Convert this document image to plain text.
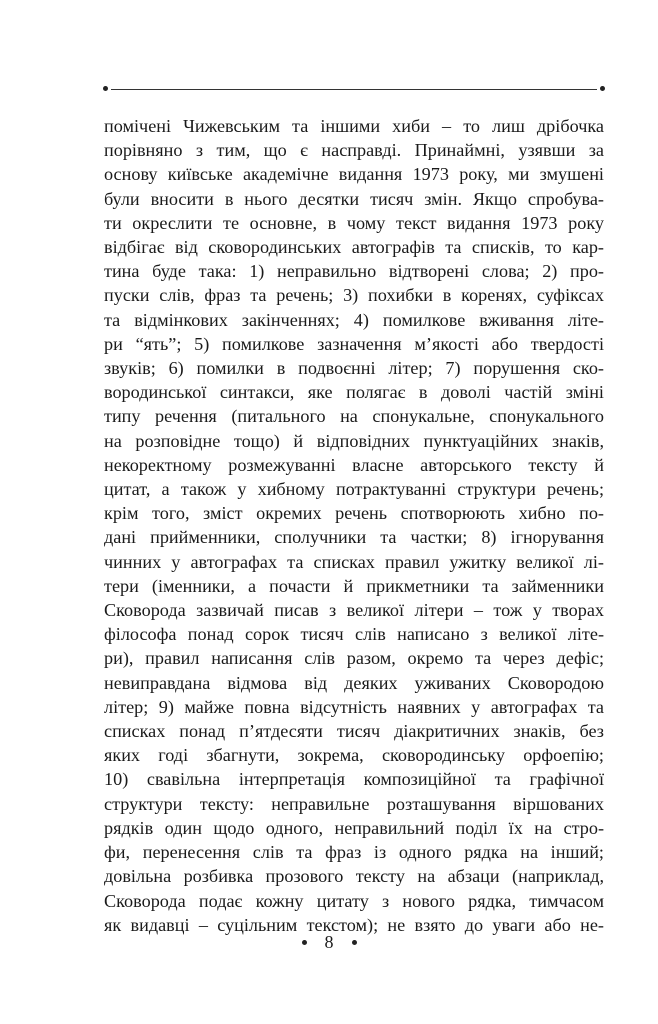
помічені Чижевським та іншими хиби – то лиш дрібочка
порівняно з тим, що є насправді. Принаймні, узявши за
основу київське академічне видання 1973 року, ми змушені
були вносити в нього десятки тисяч змін. Якщо спробува-
ти окреслити те основне, в чому текст видання 1973 року
відбігає від сковородинських автографів та списків, то кар-
тина буде така: 1) неправильно відтворені слова; 2) про-
пуски слів, фраз та речень; 3) похибки в коренях, суфіксах
та відмінкових закінченнях; 4) помилкове вживання літе-
ри “ять”; 5) помилкове зазначення м’якості або твердості
звуків; 6) помилки в подвоєнні літер; 7) порушення ско-
вородинської синтакси, яке полягає в доволі частій зміні
типу речення (питального на спонукальне, спонукального
на розповідне тощо) й відповідних пунктуаційних знаків,
некоректному розмежуванні власне авторського тексту й
цитат, а також у хибному потрактуванні структури речень;
крім того, зміст окремих речень спотворюють хибно по-
дані прийменники, сполучники та частки; 8) ігнорування
чинних у автографах та списках правил ужитку великої лі-
тери (іменники, а почасти й прикметники та займенники
Сковорода зазвичай писав з великої літери – тож у творах
філософа понад сорок тисяч слів написано з великої літе-
ри), правил написання слів разом, окремо та через дефіс;
невиправдана відмова від деяких уживаних Сковородою
літер; 9) майже повна відсутність наявних у автографах та
списках понад п’ятдесяти тисяч діакритичних знаків, без
яких годі збагнути, зокрема, сковородинську орфоепію;
10) свавільна інтерпретація композиційної та графічної
структури тексту: неправильне розташування віршованих
рядків один щодо одного, неправильний поділ їх на стро-
фи, перенесення слів та фраз із одного рядка на інший;
довільна розбивка прозового тексту на абзаци (наприклад,
Сковорода подає кожну цитату з нового рядка, тимчасом
як видавці – суцільним текстом); не взято до уваги або не-
8
